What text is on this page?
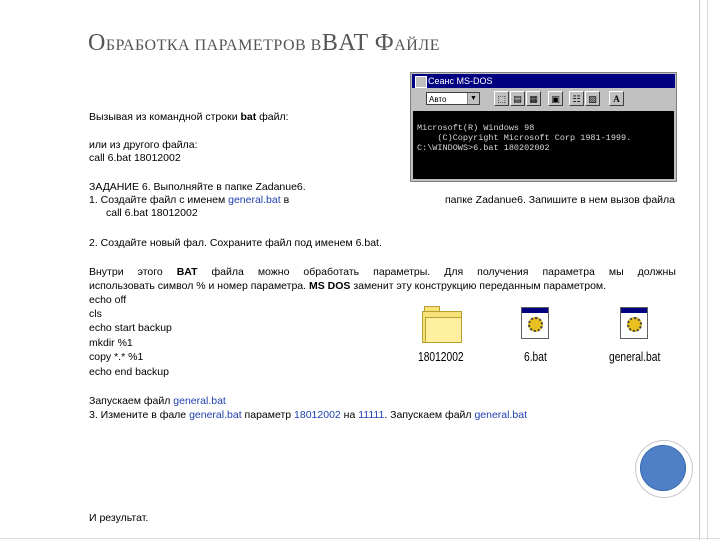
ОБРАБОТКА ПАРАМЕТРОВ ВBAT ФАЙЛЕ
Вызывая из командной строки bat файл:
или из другого файла:
call 6.bat 18012002
ЗАДАНИЕ 6. Выполняйте в папке Zadanue6.
1. Создайте файл с именем general.bat в	папке Zadanue6. Запишите в нем вызов файла
call 6.bat 18012002
2. Создайте новый фал. Сохраните файл под именем 6.bat.
Внутри этого BAT файла можно обработать параметры. Для получения параметра мы должны
использовать символ % и номер параметра. MS DOS заменит эту конструкцию переданным параметром.
echo off
cls
echo start backup
mkdir %1
copy *.* %1
echo end backup
18012002	6.bat	general.bat
Запускаем файл general.bat
3. Измените в фале general.bat параметр 18012002 на 11111. Запускаем файл general.bat
И результат.
Сеанс MS-DOS
Авто	▼	⬚ ▤ ▦	▣	☷ ▧	A
Microsoft(R) Windows 98
(C)Copyright Microsoft Corp 1981-1999.
C:\WINDOWS>6.bat 180202002
